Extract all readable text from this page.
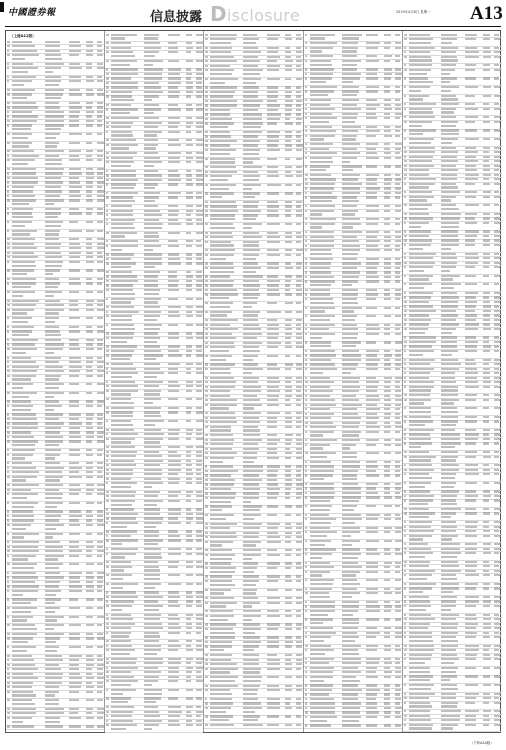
中國證券報	信息披露 Disclosure	2019年4月8日 星期一 A13
（上接A12版）
（下转A14版）
